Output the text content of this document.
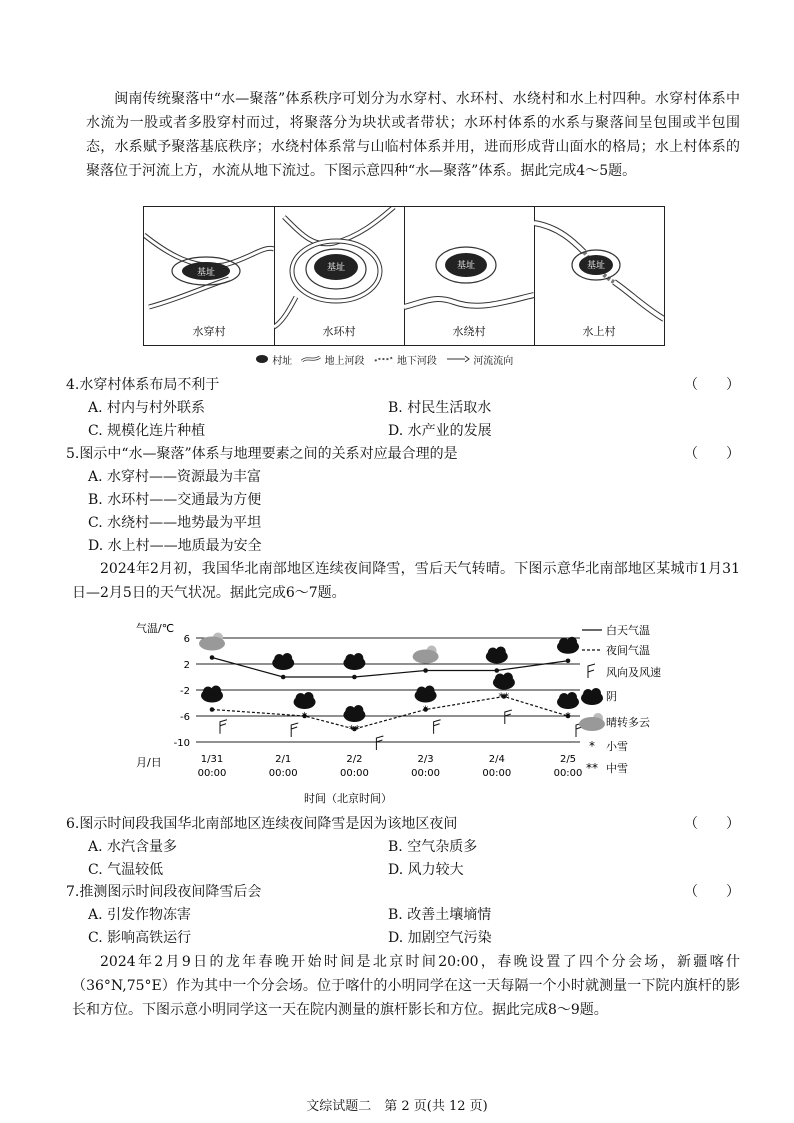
闽南传统聚落中“水—聚落”体系秩序可划分为水穿村、水环村、水绕村和水上村四种。水穿村体系中水流为一股或者多股穿村而过，将聚落分为块状或者带状；水环村体系的水系与聚落间呈包围或半包围态，水系赋予聚落基底秩序；水绕村体系常与山临村体系并用，进而形成背山面水的格局；水上村体系的聚落位于河流上方，水流从地下流过。下图示意四种“水—聚落”体系。据此完成4～5题。
基址
水穿村
基址
水环村
基址
水绕村
基址
水上村
村址	地上河段	地下河段	河流流向
4.水穿村体系布局不利于	（　　）
A. 村内与村外联系	B. 村民生活取水
C. 规模化连片种植	D. 水产业的发展
5.图示中“水—聚落”体系与地理要素之间的关系对应最合理的是	（　　）
A. 水穿村——资源最为丰富
B. 水环村——交通最为方便
C. 水绕村——地势最为平坦
D. 水上村——地质最为安全
2024年2月初，我国华北南部地区连续夜间降雪，雪后天气转晴。下图示意华北南部地区某城市1月31日—2月5日的天气状况。据此完成6～7题。
气温/℃
6
2
-2
-6
-10
1/31
00:00
2/1
00:00
2/2
00:00
2/3
00:00
2/4
00:00
2/5
00:00
月/日
时间（北京时间）
*
**
*
**
*
白天气温
夜间气温
风向及风速
阴
晴转多云
* 小雪
** 中雪
6.图示时间段我国华北南部地区连续夜间降雪是因为该地区夜间	（　　）
A. 水汽含量多	B. 空气杂质多
C. 气温较低	D. 风力较大
7.推测图示时间段夜间降雪后会	（　　）
A. 引发作物冻害	B. 改善土壤墒情
C. 影响高铁运行	D. 加剧空气污染
2024年2月9日的龙年春晚开始时间是北京时间20:00，春晚设置了四个分会场，新疆喀什（36°N,75°E）作为其中一个分会场。位于喀什的小明同学在这一天每隔一个小时就测量一下院内旗杆的影长和方位。下图示意小明同学这一天在院内测量的旗杆影长和方位。据此完成8～9题。
文综试题二　第 2 页(共 12 页)
